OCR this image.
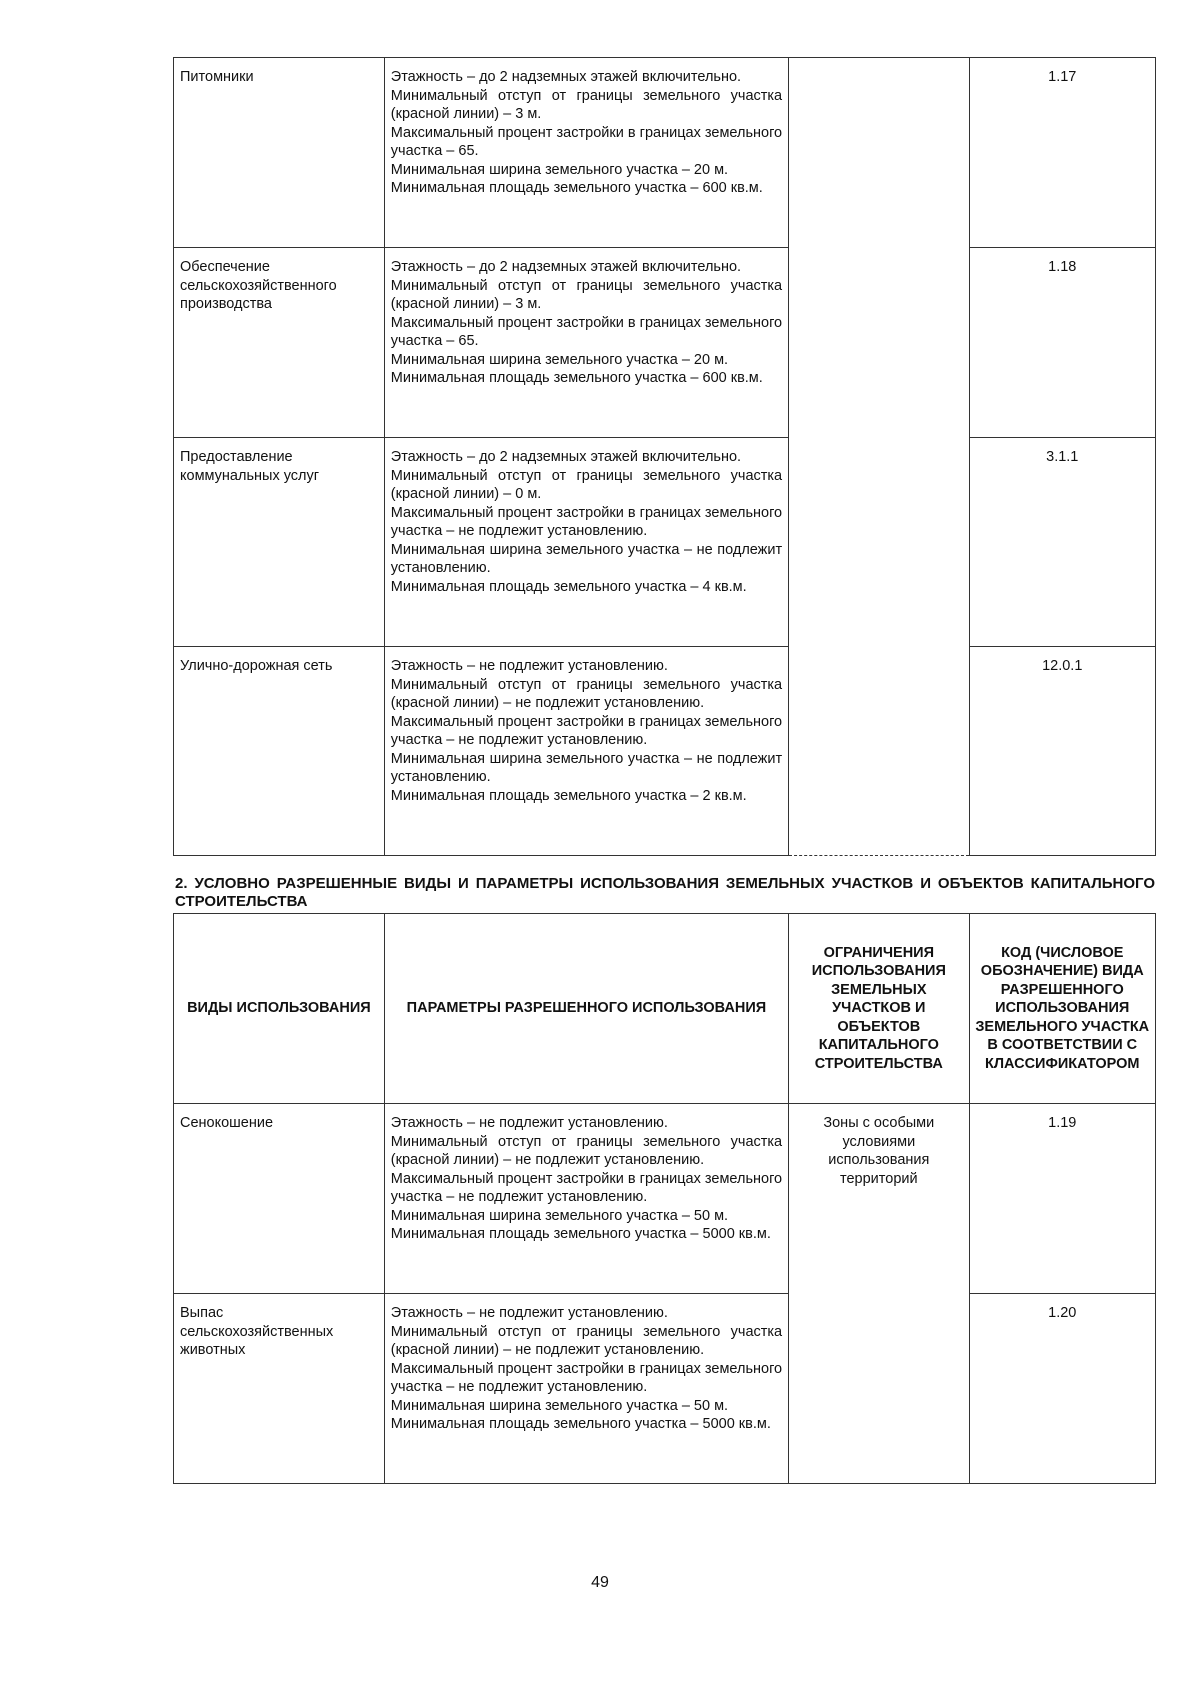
Питомники	Этажность – до 2 надземных этажей включительно.
Минимальный отступ от границы земельного участка (красной линии) – 3 м.
Максимальный процент застройки в границах земельного участка – 65.
Минимальная ширина земельного участка – 20 м.
Минимальная площадь земельного участка – 600 кв.м.		1.17
Обеспечение сельскохозяйственного производства	Этажность – до 2 надземных этажей включительно.
Минимальный отступ от границы земельного участка (красной линии) – 3 м.
Максимальный процент застройки в границах земельного участка – 65.
Минимальная ширина земельного участка – 20 м.
Минимальная площадь земельного участка – 600 кв.м.		1.18
Предоставление коммунальных услуг	Этажность – до 2 надземных этажей включительно.
Минимальный отступ от границы земельного участка (красной линии) – 0 м.
Максимальный процент застройки в границах земельного участка – не подлежит установлению.
Минимальная ширина земельного участка – не подлежит установлению.
Минимальная площадь земельного участка – 4 кв.м.		3.1.1
Улично-дорожная сеть	Этажность – не подлежит установлению.
Минимальный отступ от границы земельного участка (красной линии) – не подлежит установлению.
Максимальный процент застройки в границах земельного участка – не подлежит установлению.
Минимальная ширина земельного участка – не подлежит установлению.
Минимальная площадь земельного участка – 2 кв.м.		12.0.1
2. УСЛОВНО РАЗРЕШЕННЫЕ ВИДЫ И ПАРАМЕТРЫ ИСПОЛЬЗОВАНИЯ ЗЕМЕЛЬНЫХ УЧАСТКОВ И ОБЪЕКТОВ КАПИТАЛЬНОГО СТРОИТЕЛЬСТВА
ВИДЫ ИСПОЛЬЗОВАНИЯ	ПАРАМЕТРЫ РАЗРЕШЕННОГО ИСПОЛЬЗОВАНИЯ	ОГРАНИЧЕНИЯ ИСПОЛЬЗОВАНИЯ ЗЕМЕЛЬНЫХ УЧАСТКОВ И ОБЪЕКТОВ КАПИТАЛЬНОГО СТРОИТЕЛЬСТВА	КОД (ЧИСЛОВОЕ ОБОЗНАЧЕНИЕ) ВИДА РАЗРЕШЕННОГО ИСПОЛЬЗОВАНИЯ ЗЕМЕЛЬНОГО УЧАСТКА В СООТВЕТСТВИИ С КЛАССИФИКАТОРОМ
Сенокошение	Этажность – не подлежит установлению.
Минимальный отступ от границы земельного участка (красной линии) – не подлежит установлению.
Максимальный процент застройки в границах земельного участка – не подлежит установлению.
Минимальная ширина земельного участка – 50 м.
Минимальная площадь земельного участка – 5000 кв.м.	Зоны с особыми условиями использования территорий	1.19
Выпас сельскохозяйственных животных	Этажность – не подлежит установлению.
Минимальный отступ от границы земельного участка (красной линии) – не подлежит установлению.
Максимальный процент застройки в границах земельного участка – не подлежит установлению.
Минимальная ширина земельного участка – 50 м.
Минимальная площадь земельного участка – 5000 кв.м.		1.20
49
